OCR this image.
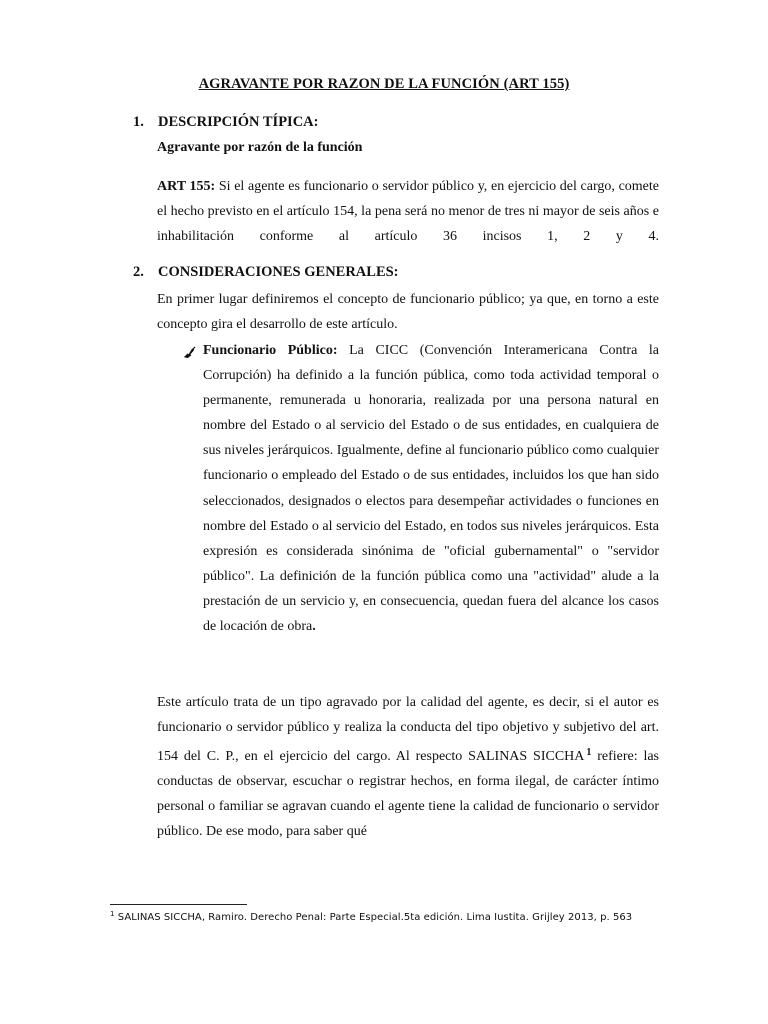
AGRAVANTE POR RAZON DE LA FUNCIÓN (ART 155)
1. DESCRIPCIÓN TÍPICA:
Agravante por razón de la función
ART 155: Si el agente es funcionario o servidor público y, en ejercicio del cargo, comete el hecho previsto en el artículo 154, la pena será no menor de tres ni mayor de seis años e inhabilitación conforme al artículo 36 incisos 1, 2 y 4.
2. CONSIDERACIONES GENERALES:
En primer lugar definiremos el concepto de funcionario público; ya que, en torno a este concepto gira el desarrollo de este artículo.
Funcionario Público: La CICC (Convención Interamericana Contra la Corrupción) ha definido a la función pública, como toda actividad temporal o permanente, remunerada u honoraria, realizada por una persona natural en nombre del Estado o al servicio del Estado o de sus entidades, en cualquiera de sus niveles jerárquicos. Igualmente, define al funcionario público como cualquier funcionario o empleado del Estado o de sus entidades, incluidos los que han sido seleccionados, designados o electos para desempeñar actividades o funciones en nombre del Estado o al servicio del Estado, en todos sus niveles jerárquicos. Esta expresión es considerada sinónima de "oficial gubernamental" o "servidor público". La definición de la función pública como una "actividad" alude a la prestación de un servicio y, en consecuencia, quedan fuera del alcance los casos de locación de obra.
Este artículo trata de un tipo agravado por la calidad del agente, es decir, si el autor es funcionario o servidor público y realiza la conducta del tipo objetivo y subjetivo del art. 154 del C. P., en el ejercicio del cargo. Al respecto SALINAS SICCHA $^1$ refiere: las conductas de observar, escuchar o registrar hechos, en forma ilegal, de carácter íntimo personal o familiar se agravan cuando el agente tiene la calidad de funcionario o servidor público. De ese modo, para saber qué
$^1$ SALINAS SICCHA, Ramiro. Derecho Penal: Parte Especial.5ta edición. Lima Iustita. Grijley 2013, p. 563
